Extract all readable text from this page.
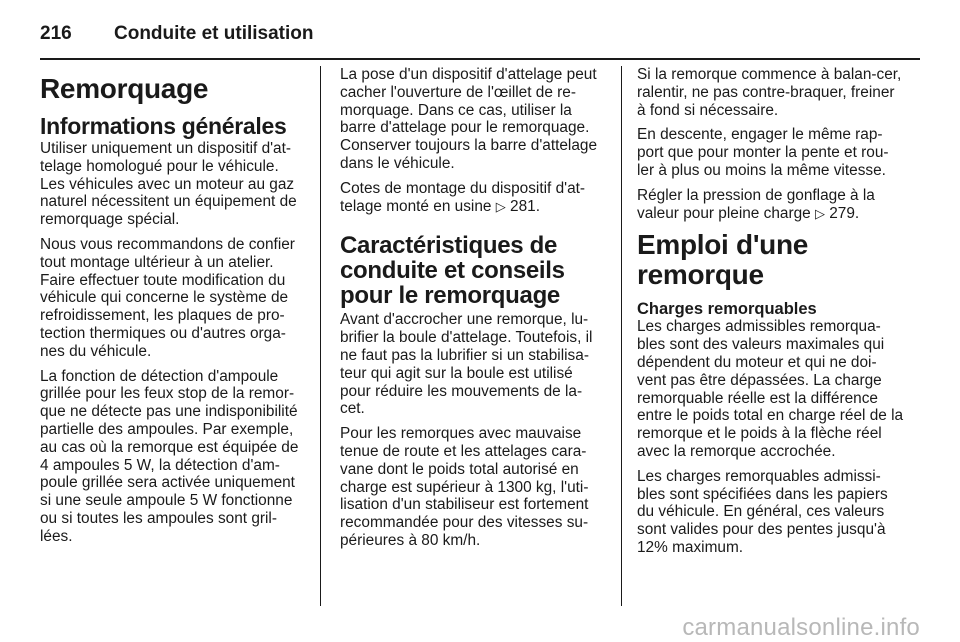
216	Conduite et utilisation
Remorquage
Informations générales

Utiliser uniquement un dispositif d'at-telage homologué pour le véhicule. Les véhicules avec un moteur au gaz naturel nécessitent un équipement de remorquage spécial.

Nous vous recommandons de confier tout montage ultérieur à un atelier. Faire effectuer toute modification du véhicule qui concerne le système de refroidissement, les plaques de pro-tection thermiques ou d'autres orga-nes du véhicule.

La fonction de détection d'ampoule grillée pour les feux stop de la remor-que ne détecte pas une indisponibilité partielle des ampoules. Par exemple, au cas où la remorque est équipée de 4 ampoules 5 W, la détection d'am-poule grillée sera activée uniquement si une seule ampoule 5 W fonctionne ou si toutes les ampoules sont gril-lées.

La pose d'un dispositif d'attelage peut cacher l'ouverture de l'œillet de re-morquage. Dans ce cas, utiliser la barre d'attelage pour le remorquage. Conserver toujours la barre d'attelage dans le véhicule.

Cotes de montage du dispositif d'at-telage monté en usine ▷ 281.

Caractéristiques de conduite et conseils pour le remorquage

Avant d'accrocher une remorque, lu-brifier la boule d'attelage. Toutefois, il ne faut pas la lubrifier si un stabilisa-teur qui agit sur la boule est utilisé pour réduire les mouvements de la-cet.

Pour les remorques avec mauvaise tenue de route et les attelages cara-vane dont le poids total autorisé en charge est supérieur à 1300 kg, l'uti-lisation d'un stabiliseur est fortement recommandée pour des vitesses su-périeures à 80 km/h.

Si la remorque commence à balan-cer, ralentir, ne pas contre-braquer, freiner à fond si nécessaire.

En descente, engager le même rap-port que pour monter la pente et rou-ler à plus ou moins la même vitesse.

Régler la pression de gonflage à la valeur pour pleine charge ▷ 279.

Emploi d'une remorque
Charges remorquables

Les charges admissibles remorqua-bles sont des valeurs maximales qui dépendent du moteur et qui ne doi-vent pas être dépassées. La charge remorquable réelle est la différence entre le poids total en charge réel de la remorque et le poids à la flèche réel avec la remorque accrochée.

Les charges remorquables admissi-bles sont spécifiées dans les papiers du véhicule. En général, ces valeurs sont valides pour des pentes jusqu'à 12% maximum.

carmanualsonline.info
